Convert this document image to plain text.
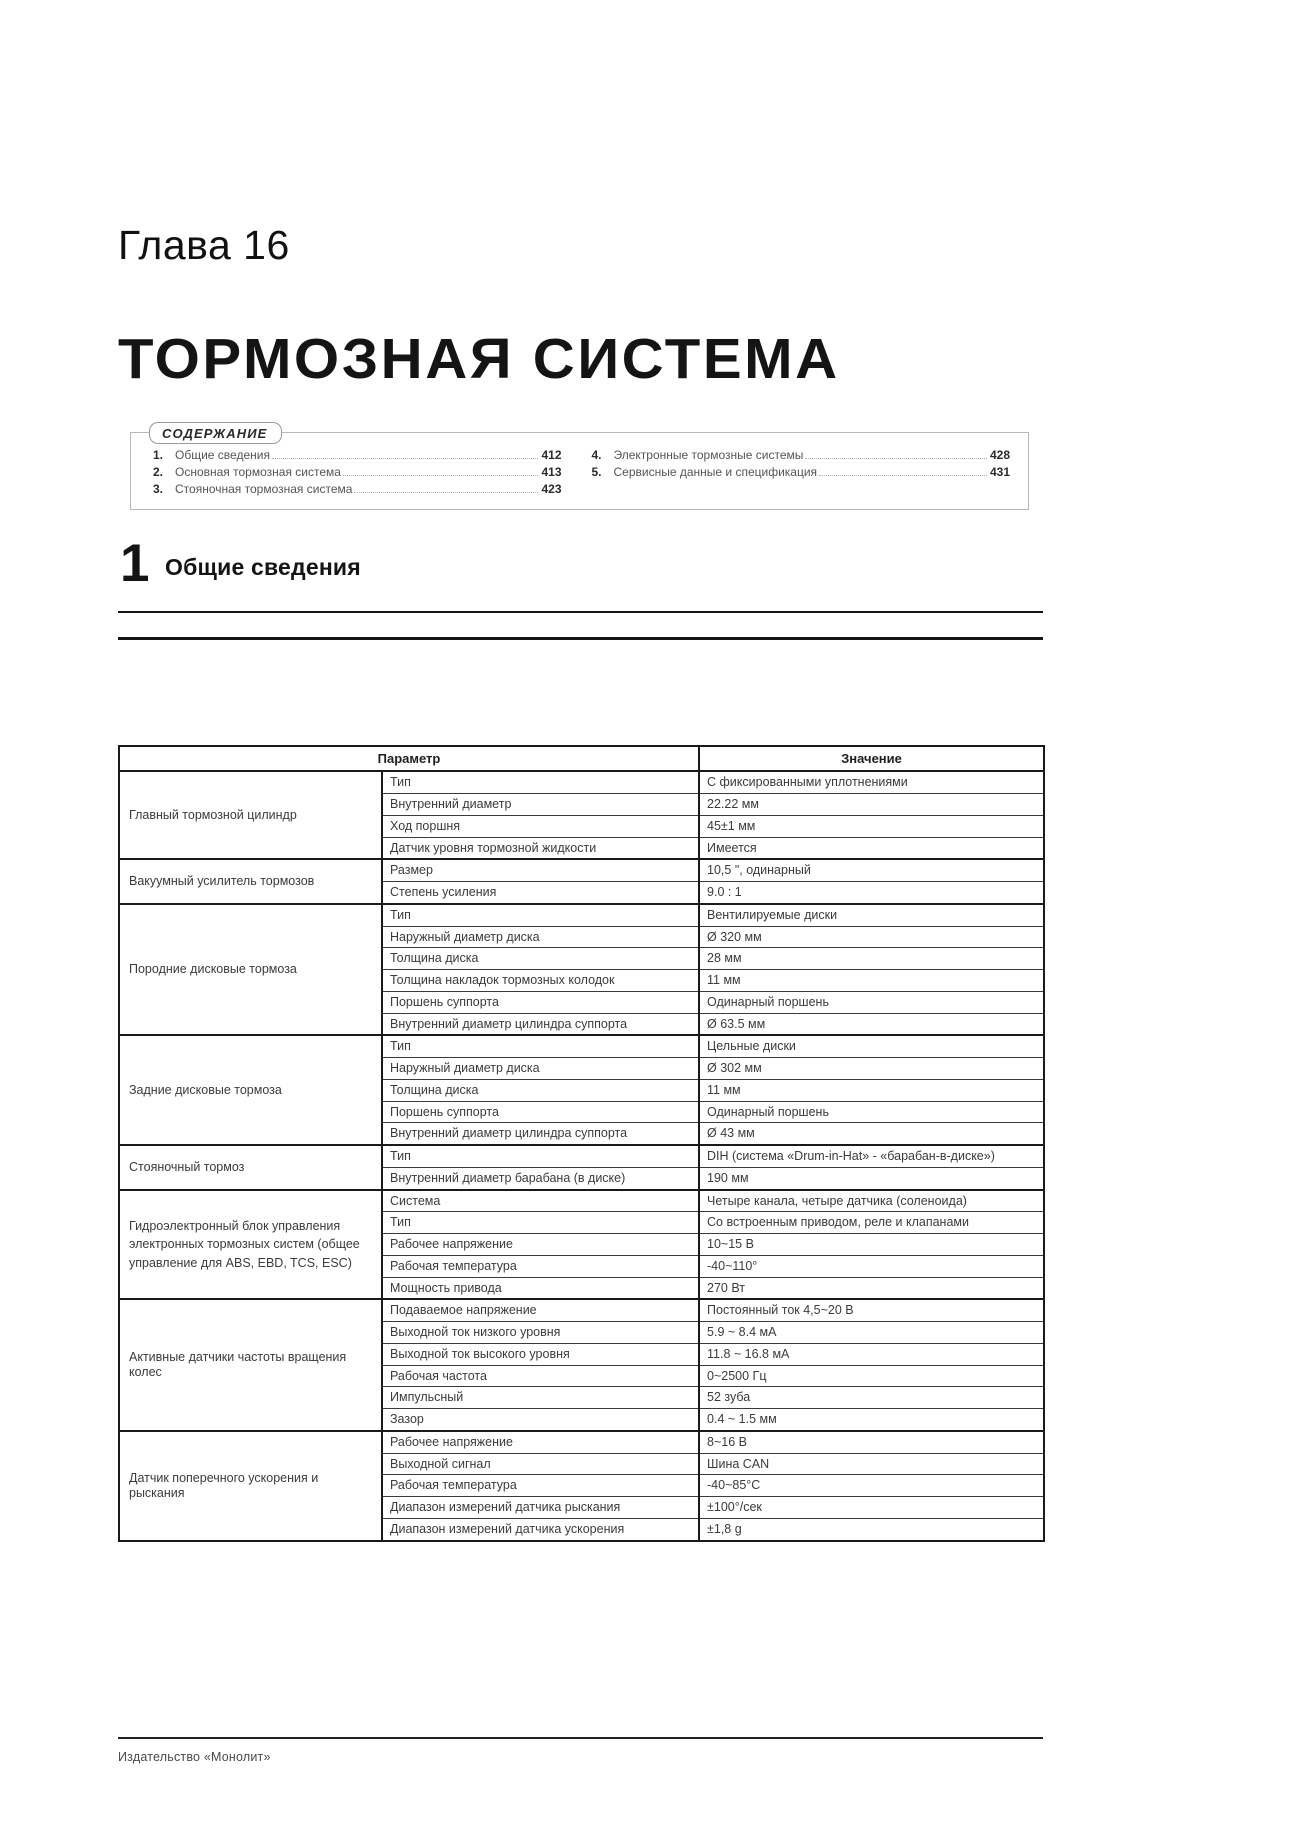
Глава 16
ТОРМОЗНАЯ СИСТЕМА
СОДЕРЖАНИЕ
1. Общие сведения	412
2. Основная тормозная система	413
3. Стояночная тормозная система	423
4. Электронные тормозные системы	428
5. Сервисные данные и спецификация	431
1 Общие сведения
Параметр		Значение
Главный тормозной цилиндр	Тип	С фиксированными уплотнениями
	Внутренний диаметр	22.22 мм
	Ход поршня	45±1 мм
	Датчик уровня тормозной жидкости	Имеется
Вакуумный усилитель тормозов	Размер	10,5 ", одинарный
	Степень усиления	9.0 : 1
Породние дисковые тормоза	Тип	Вентилируемые диски
	Наружный диаметр диска	Ø 320 мм
	Толщина диска	28 мм
	Толщина накладок тормозных колодок	11 мм
	Поршень суппорта	Одинарный поршень
	Внутренний диаметр цилиндра суппорта	Ø 63.5 мм
Задние дисковые тормоза	Тип	Цельные диски
	Наружный диаметр диска	Ø 302 мм
	Толщина диска	11 мм
	Поршень суппорта	Одинарный поршень
	Внутренний диаметр цилиндра суппорта	Ø 43 мм
Стояночный тормоз	Тип	DIH (система «Drum-in-Hat» - «барабан-в-диске»)
	Внутренний диаметр барабана (в диске)	190 мм
Гидроэлектронный блок управления электронных тормозных систем (общее управление для ABS, EBD, TCS, ESC)	Система	Четыре канала, четыре датчика (соленоида)
	Тип	Со встроенным приводом, реле и клапанами
	Рабочее напряжение	10~15 В
	Рабочая температура	-40~110°
	Мощность привода	270 Вт
Активные датчики частоты вращения колес	Подаваемое напряжение	Постоянный ток 4,5~20 В
	Выходной ток низкого уровня	5.9 ~ 8.4 мА
	Выходной ток высокого уровня	11.8 ~ 16.8 мА
	Рабочая частота	0~2500 Гц
	Импульсный	52 зуба
	Зазор	0.4 ~ 1.5 мм
Датчик поперечного ускорения и рыскания	Рабочее напряжение	8~16 В
	Выходной сигнал	Шина CAN
	Рабочая температура	-40~85°C
	Диапазон измерений датчика рыскания	±100°/сек
	Диапазон измерений датчика ускорения	±1,8 g
Издательство «Монолит»
